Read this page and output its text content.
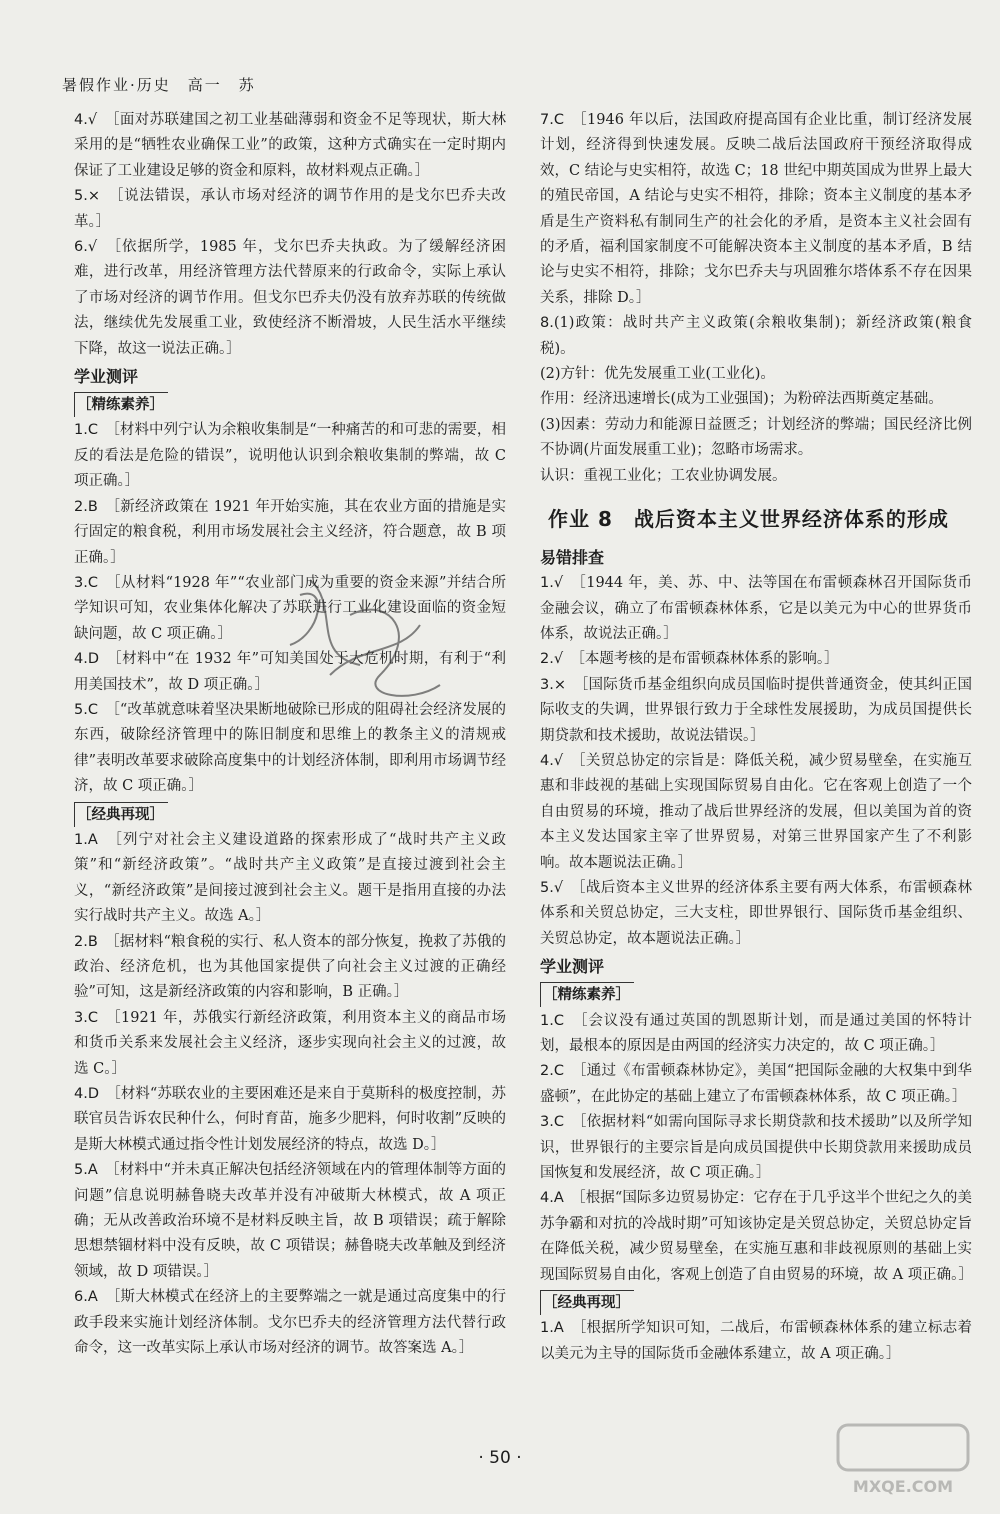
暑假作业·历史　高一　苏

4.√　［面对苏联建国之初工业基础薄弱和资金不足等现状，斯大林采用的是“牺牲农业确保工业”的政策，这种方式确实在一定时期内保证了工业建设足够的资金和原料，故材料观点正确。］

5.×　［说法错误，承认市场对经济的调节作用的是戈尔巴乔夫改革。］

6.√　［依据所学，1985 年，戈尔巴乔夫执政。为了缓解经济困难，进行改革，用经济管理方法代替原来的行政命令，实际上承认了市场对经济的调节作用。但戈尔巴乔夫仍没有放弃苏联的传统做法，继续优先发展重工业，致使经济不断滑坡，人民生活水平继续下降，故这一说法正确。］

学业测评
［精练素养］

1.C　［材料中列宁认为余粮收集制是“一种痛苦的和可悲的需要，相反的看法是危险的错误”，说明他认识到余粮收集制的弊端，故 C 项正确。］

2.B　［新经济政策在 1921 年开始实施，其在农业方面的措施是实行固定的粮食税，利用市场发展社会主义经济，符合题意，故 B 项正确。］

3.C　［从材料“1928 年”“农业部门成为重要的资金来源”并结合所学知识可知，农业集体化解决了苏联进行工业化建设面临的资金短缺问题，故 C 项正确。］

4.D　［材料中“在 1932 年”可知美国处于大危机时期，有利于“利用美国技术”，故 D 项正确。］

5.C　［“改革就意味着坚决果断地破除已形成的阻碍社会经济发展的东西，破除经济管理中的陈旧制度和思维上的教条主义的清规戒律”表明改革要求破除高度集中的计划经济体制，即利用市场调节经济，故 C 项正确。］

［经典再现］

1.A　［列宁对社会主义建设道路的探索形成了“战时共产主义政策”和“新经济政策”。“战时共产主义政策”是直接过渡到社会主义，“新经济政策”是间接过渡到社会主义。题干是指用直接的办法实行战时共产主义。故选 A。］

2.B　［据材料“粮食税的实行、私人资本的部分恢复，挽救了苏俄的政治、经济危机，也为其他国家提供了向社会主义过渡的正确经验”可知，这是新经济政策的内容和影响，B 正确。］

3.C　［1921 年，苏俄实行新经济政策，利用资本主义的商品市场和货币关系来发展社会主义经济，逐步实现向社会主义的过渡，故选 C。］

4.D　［材料“苏联农业的主要困难还是来自于莫斯科的极度控制，苏联官员告诉农民种什么，何时育苗，施多少肥料，何时收割”反映的是斯大林模式通过指令性计划发展经济的特点，故选 D。］

5.A　［材料中“并未真正解决包括经济领域在内的管理体制等方面的问题”信息说明赫鲁晓夫改革并没有冲破斯大林模式，故 A 项正确；无从改善政治环境不是材料反映主旨，故 B 项错误；疏于解除思想禁锢材料中没有反映，故 C 项错误；赫鲁晓夫改革触及到经济领域，故 D 项错误。］

6.A　［斯大林模式在经济上的主要弊端之一就是通过高度集中的行政手段来实施计划经济体制。戈尔巴乔夫的经济管理方法代替行政命令，这一改革实际上承认市场对经济的调节。故答案选 A。］

7.C　［1946 年以后，法国政府提高国有企业比重，制订经济发展计划，经济得到快速发展。反映二战后法国政府干预经济取得成效，C 结论与史实相符，故选 C；18 世纪中期英国成为世界上最大的殖民帝国，A 结论与史实不相符，排除；资本主义制度的基本矛盾是生产资料私有制同生产的社会化的矛盾，是资本主义社会固有的矛盾，福利国家制度不可能解决资本主义制度的基本矛盾，B 结论与史实不相符，排除；戈尔巴乔夫与巩固雅尔塔体系不存在因果关系，排除 D。］

8.(1)政策：战时共产主义政策(余粮收集制)；新经济政策(粮食税)。

(2)方针：优先发展重工业(工业化)。

作用：经济迅速增长(成为工业强国)；为粉碎法西斯奠定基础。

(3)因素：劳动力和能源日益匮乏；计划经济的弊端；国民经济比例不协调(片面发展重工业)；忽略市场需求。

认识：重视工业化；工农业协调发展。

作业 8　战后资本主义世界经济体系的形成
易错排查

1.√　［1944 年，美、苏、中、法等国在布雷顿森林召开国际货币金融会议，确立了布雷顿森林体系，它是以美元为中心的世界货币体系，故说法正确。］

2.√　［本题考核的是布雷顿森林体系的影响。］

3.×　［国际货币基金组织向成员国临时提供普通资金，使其纠正国际收支的失调，世界银行致力于全球性发展援助，为成员国提供长期贷款和技术援助，故说法错误。］

4.√　［关贸总协定的宗旨是：降低关税，减少贸易壁垒，在实施互惠和非歧视的基础上实现国际贸易自由化。它在客观上创造了一个自由贸易的环境，推动了战后世界经济的发展，但以美国为首的资本主义发达国家主宰了世界贸易，对第三世界国家产生了不利影响。故本题说法正确。］

5.√　［战后资本主义世界的经济体系主要有两大体系，布雷顿森林体系和关贸总协定，三大支柱，即世界银行、国际货币基金组织、关贸总协定，故本题说法正确。］

学业测评
［精练素养］

1.C　［会议没有通过英国的凯恩斯计划，而是通过美国的怀特计划，最根本的原因是由两国的经济实力决定的，故 C 项正确。］

2.C　［通过《布雷顿森林协定》，美国“把国际金融的大权集中到华盛顿”，在此协定的基础上建立了布雷顿森林体系，故 C 项正确。］

3.C　［依据材料“如需向国际寻求长期贷款和技术援助”以及所学知识，世界银行的主要宗旨是向成员国提供中长期贷款用来援助成员国恢复和发展经济，故 C 项正确。］

4.A　［根据“国际多边贸易协定：它存在于几乎这半个世纪之久的美苏争霸和对抗的冷战时期”可知该协定是关贸总协定，关贸总协定旨在降低关税，减少贸易壁垒，在实施互惠和非歧视原则的基础上实现国际贸易自由化，客观上创造了自由贸易的环境，故 A 项正确。］

［经典再现］

1.A　［根据所学知识可知，二战后，布雷顿森林体系的建立标志着以美元为主导的国际货币金融体系建立，故 A 项正确。］

· 50 ·
MXQE.COM
